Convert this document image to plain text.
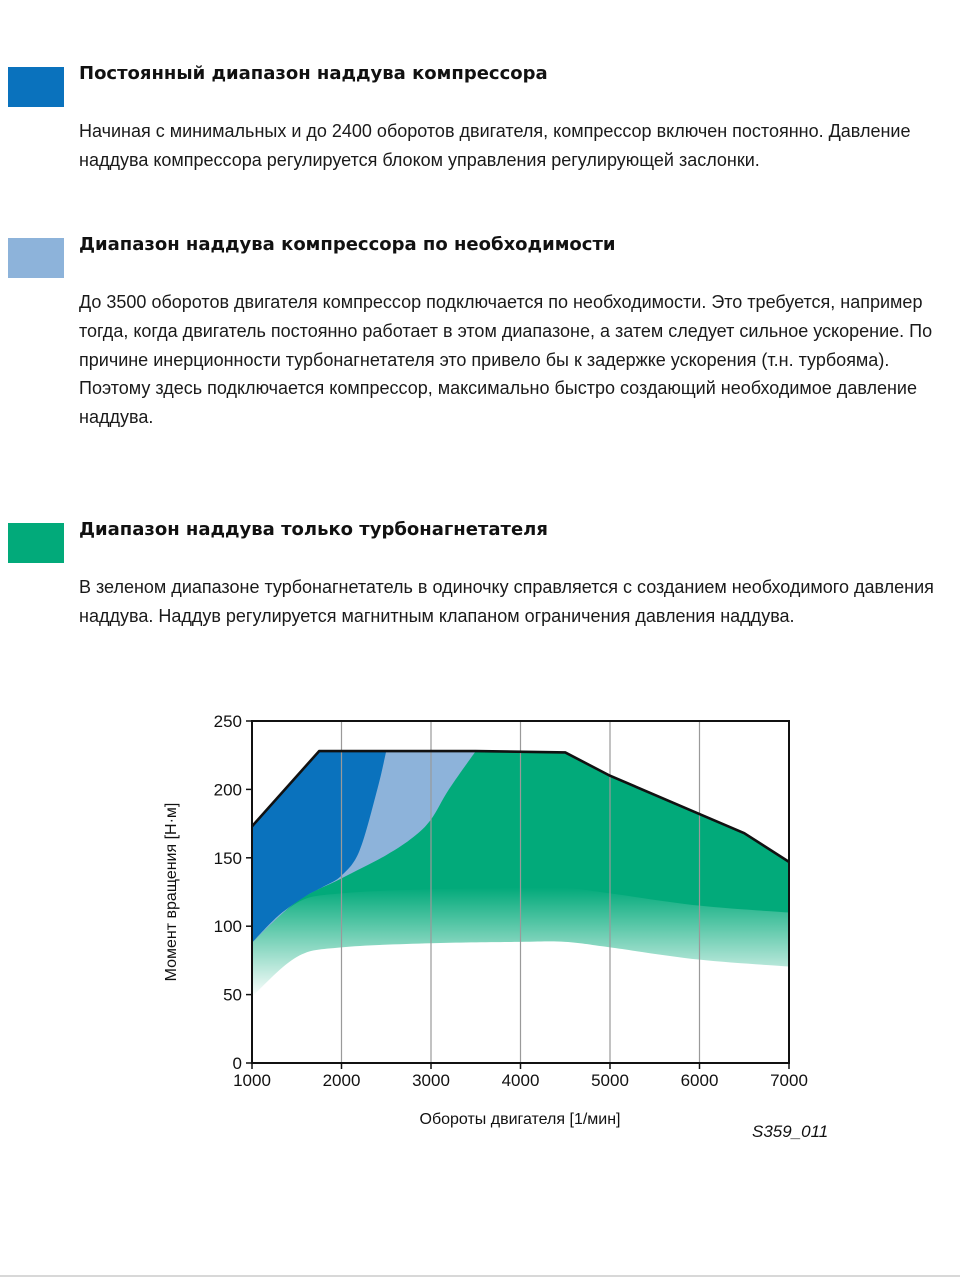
Постоянный диапазон наддува компрессора

Начиная с минимальных и до 2400 оборотов двигателя, компрессор включен постоянно. Давление
наддува компрессора регулируется блоком управления регулирующей заслонки.

Диапазон наддува компрессора по необходимости

До 3500 оборотов двигателя компрессор подключается по необходимости. Это требуется, например
тогда, когда двигатель постоянно работает в этом диапазоне, а затем следует сильное ускорение. По
причине инерционности турбонагнетателя это привело бы к задержке ускорения (т.н. турбояма).
Поэтому здесь подключается компрессор, максимально быстро создающий необходимое давление
наддува.

Диапазон наддува только турбонагнетателя

В зеленом диапазоне турбонагнетатель в одиночку справляется с созданием необходимого давления
наддува. Наддув регулируется магнитным клапаном ограничения давления наддува.

0
50
100
150
200
250
1000	2000	3000	4000	5000	6000	7000
Обороты двигателя [1/мин]
Момент вращения [Н·м]
S359_011
